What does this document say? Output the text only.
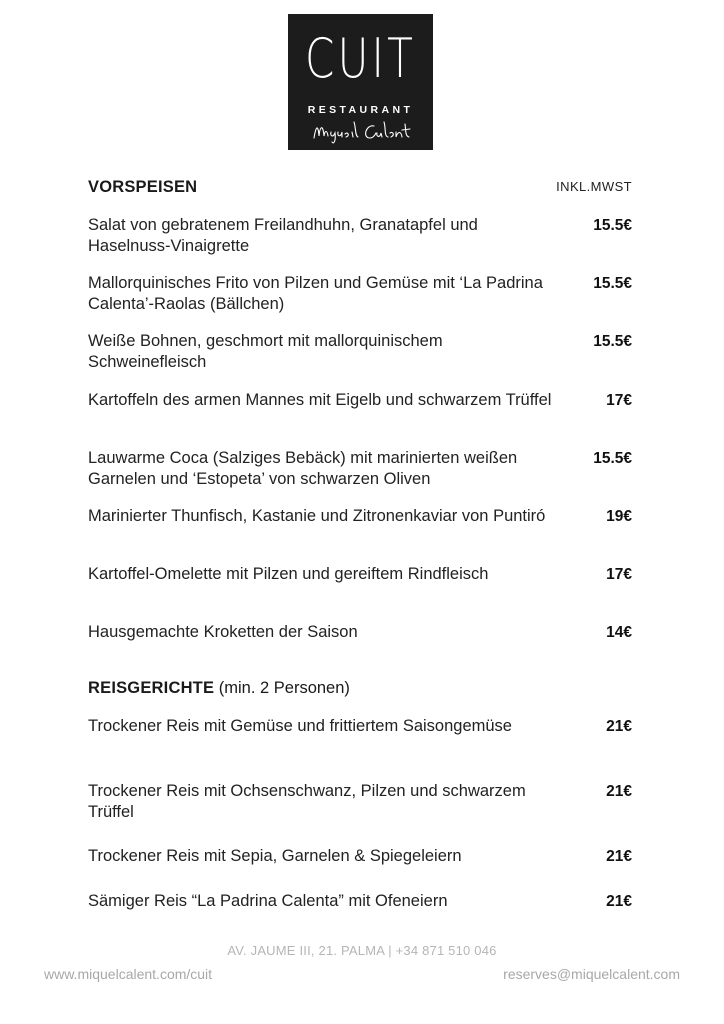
CUIT
RESTAURANT
VORSPEISEN	INKL.MWST
Salat von gebratenem Freilandhuhn, Granatapfel und Haselnuss-Vinaigrette
15.5€
Mallorquinisches Frito von Pilzen und Gemüse mit ‘La Padrina Calenta’-Raolas (Bällchen)
15.5€
Weiße Bohnen, geschmort mit mallorquinischem Schweinefleisch
15.5€
Kartoffeln des armen Mannes mit Eigelb und schwarzem Trüffel	17€
Lauwarme Coca (Salziges Bebäck) mit marinierten weißen Garnelen und ‘Estopeta’ von schwarzen Oliven
15.5€
Marinierter Thunfisch, Kastanie und Zitronenkaviar von Puntiró	19€
Kartoffel-Omelette mit Pilzen und gereiftem Rindfleisch	17€
Hausgemachte Kroketten der Saison	14€
REISGERICHTE (min. 2 Personen)
Trockener Reis mit Gemüse und frittiertem Saisongemüse	21€
Trockener Reis mit Ochsenschwanz, Pilzen und schwarzem Trüffel
21€
Trockener Reis mit Sepia, Garnelen & Spiegeleiern	21€
Sämiger Reis “La Padrina Calenta” mit Ofeneiern	21€
AV. JAUME III, 21. PALMA | +34 871 510 046
www.miquelcalent.com/cuit	reserves@miquelcalent.com
